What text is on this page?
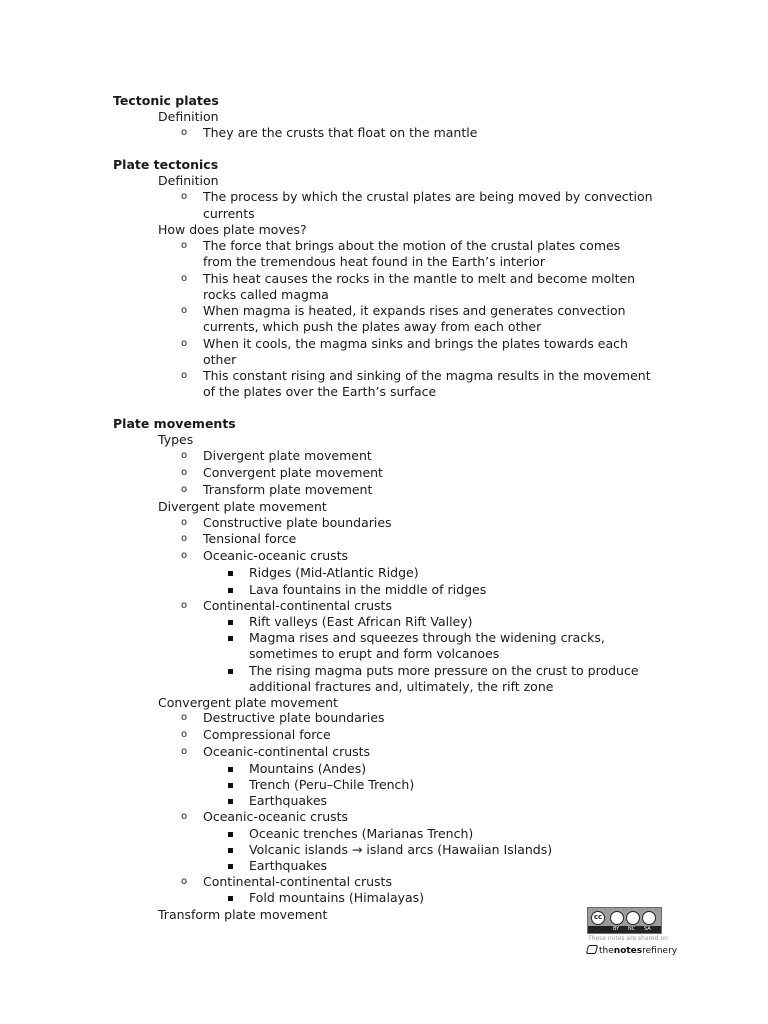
Tectonic plates
Definition
o They are the crusts that float on the mantle
Plate tectonics
Definition
o The process by which the crustal plates are being moved by convection
currents
How does plate moves?
o The force that brings about the motion of the crustal plates comes
from the tremendous heat found in the Earth’s interior
o This heat causes the rocks in the mantle to melt and become molten
rocks called magma
o When magma is heated, it expands rises and generates convection
currents, which push the plates away from each other
o When it cools, the magma sinks and brings the plates towards each
other
o This constant rising and sinking of the magma results in the movement
of the plates over the Earth’s surface
Plate movements
Types
o Divergent plate movement
o Convergent plate movement
o Transform plate movement
Divergent plate movement
o Constructive plate boundaries
o Tensional force
o Oceanic-oceanic crusts
Ridges (Mid-Atlantic Ridge)
Lava fountains in the middle of ridges
o Continental-continental crusts
Rift valleys (East African Rift Valley)
Magma rises and squeezes through the widening cracks,
sometimes to erupt and form volcanoes
The rising magma puts more pressure on the crust to produce
additional fractures and, ultimately, the rift zone
Convergent plate movement
o Destructive plate boundaries
o Compressional force
o Oceanic-continental crusts
Mountains (Andes)
Trench (Peru–Chile Trench)
Earthquakes
o Oceanic-oceanic crusts
Oceanic trenches (Marianas Trench)
Volcanic islands → island arcs (Hawaiian Islands)
Earthquakes
o Continental-continental crusts
Fold mountains (Himalayas)
Transform plate movement	cc
BY NC SA
These notes are shared on
thenotesrefinery
